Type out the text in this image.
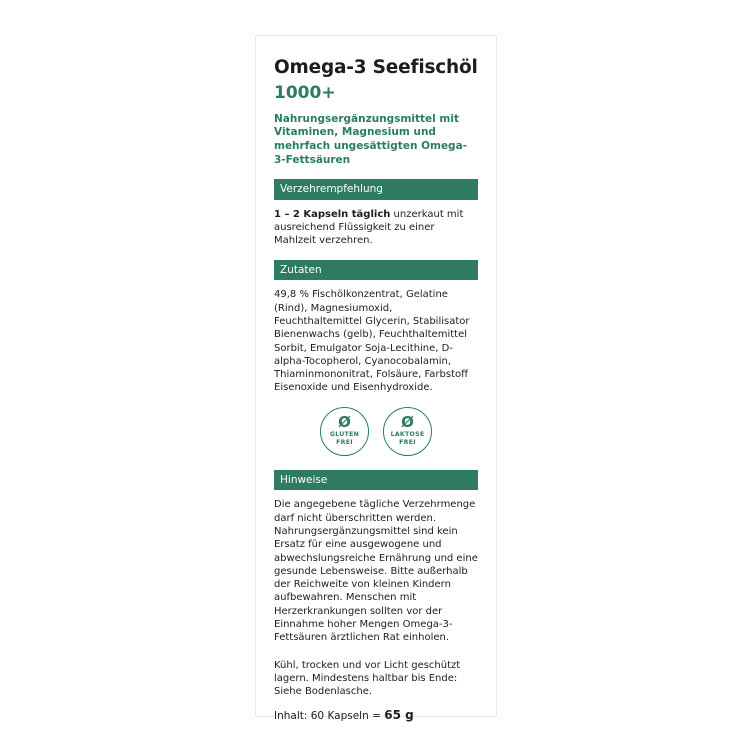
Omega-3 Seefischöl
1000+
Nahrungsergänzungsmittel mit Vitaminen, Magnesium und mehrfach ungesättigten Omega-3-Fettsäuren
Verzehrempfehlung
1 – 2 Kapseln täglich unzerkaut mit ausreichend Flüssigkeit zu einer Mahlzeit verzehren.
Zutaten
49,8 % Fischölkonzentrat, Gelatine (Rind), Magnesiumoxid, Feuchthaltemittel Glycerin, Stabilisator Bienenwachs (gelb), Feuchthaltemittel Sorbit, Emulgator Soja-Lecithine, D-alpha-Tocopherol, Cyanocobalamin, Thiaminmononitrat, Folsäure, Farbstoff Eisenoxide und Eisenhydroxide.
Ø
GLUTEN
FREI
Ø
LAKTOSE
FREI
Hinweise
Die angegebene tägliche Verzehrmenge darf nicht überschritten werden. Nahrungsergänzungsmittel sind kein Ersatz für eine ausgewogene und abwechslungsreiche Ernährung und eine gesunde Lebensweise. Bitte außerhalb der Reichweite von kleinen Kindern aufbewahren. Menschen mit Herzerkrankungen sollten vor der Einnahme hoher Mengen Omega-3-Fettsäuren ärztlichen Rat einholen.
Kühl, trocken und vor Licht geschützt lagern. Mindestens haltbar bis Ende: Siehe Bodenlasche.
Inhalt: 60 Kapseln = 65 g
